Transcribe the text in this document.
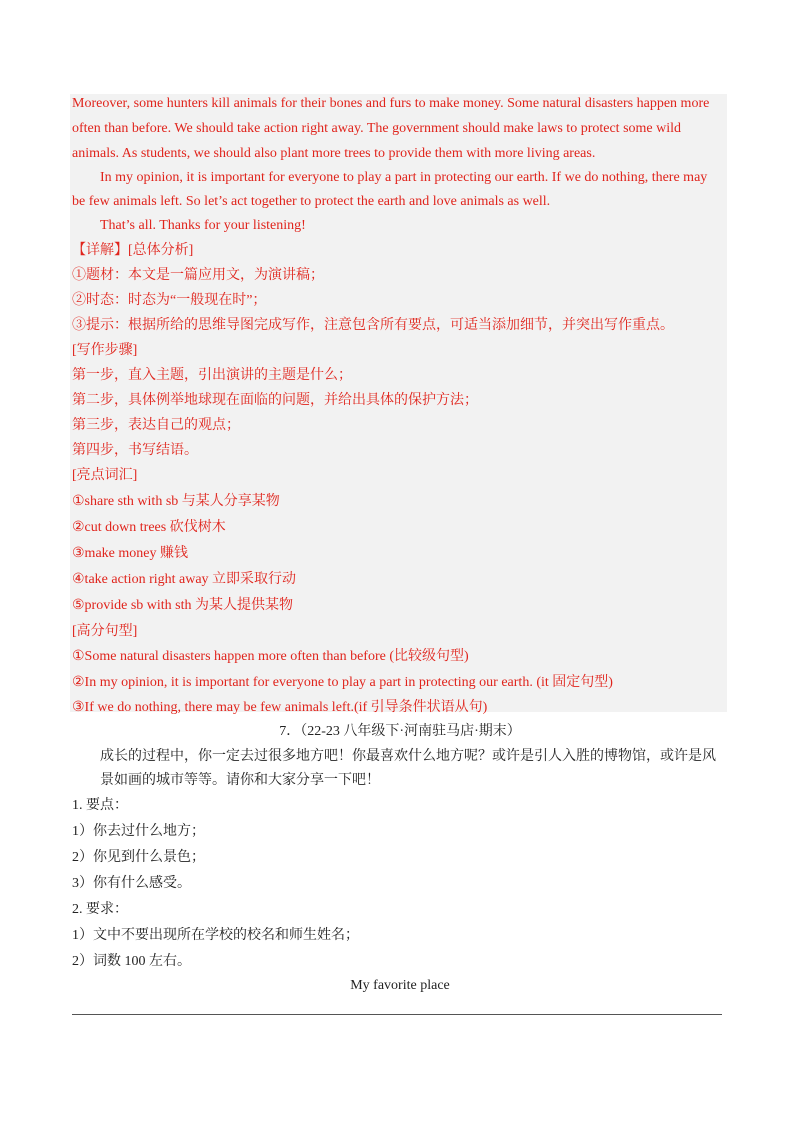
Moreover, some hunters kill animals for their bones and furs to make money. Some natural disasters happen more
often than before. We should take action right away. The government should make laws to protect some wild
animals. As students, we should also plant more trees to provide them with more living areas.
In my opinion, it is important for everyone to play a part in protecting our earth. If we do nothing, there may
be few animals left. So let’s act together to protect the earth and love animals as well.
That’s all. Thanks for your listening!
【详解】[总体分析]
①题材：本文是一篇应用文，为演讲稿；
②时态：时态为“一般现在时”；
③提示：根据所给的思维导图完成写作，注意包含所有要点，可适当添加细节，并突出写作重点。
[写作步骤]
第一步，直入主题，引出演讲的主题是什么；
第二步，具体例举地球现在面临的问题，并给出具体的保护方法；
第三步，表达自己的观点；
第四步，书写结语。
[亮点词汇]
①share sth with sb 与某人分享某物
②cut down trees 砍伐树木
③make money 赚钱
④take action right away 立即采取行动
⑤provide sb with sth 为某人提供某物
[高分句型]
①Some natural disasters happen more often than before (比较级句型)
②In my opinion, it is important for everyone to play a part in protecting our earth. (it 固定句型)
③If we do nothing, there may be few animals left.(if 引导条件状语从句)
7．（22-23 八年级下·河南驻马店·期末）
成长的过程中，你一定去过很多地方吧！你最喜欢什么地方呢？或许是引人入胜的博物馆，或许是风
景如画的城市等等。请你和大家分享一下吧！
1. 要点：
1）你去过什么地方；
2）你见到什么景色；
3）你有什么感受。
2. 要求：
1）文中不要出现所在学校的校名和师生姓名；
2）词数 100 左右。
My favorite place
